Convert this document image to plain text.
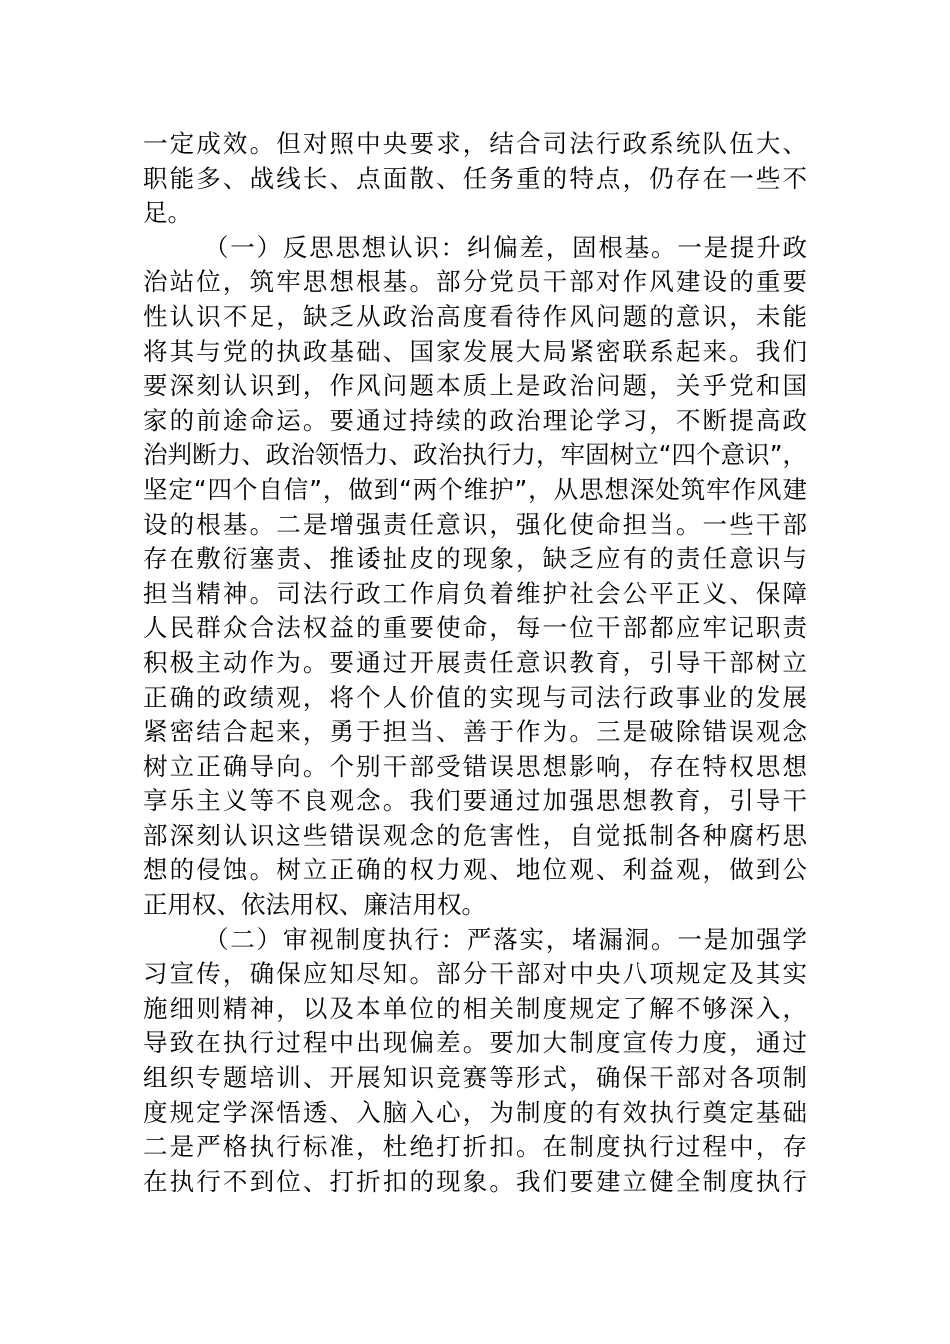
一定成效。但对照中央要求，结合司法行政系统队伍大、
职能多、战线长、点面散、任务重的特点，仍存在一些不
足。
（一）反思思想认识：纠偏差，固根基。一是提升政
治站位，筑牢思想根基。部分党员干部对作风建设的重要
性认识不足，缺乏从政治高度看待作风问题的意识，未能
将其与党的执政基础、国家发展大局紧密联系起来。我们
要深刻认识到，作风问题本质上是政治问题，关乎党和国
家的前途命运。要通过持续的政治理论学习，不断提高政
治判断力、政治领悟力、政治执行力，牢固树立“四个意识”，
坚定“四个自信”，做到“两个维护”，从思想深处筑牢作风建
设的根基。二是增强责任意识，强化使命担当。一些干部
存在敷衍塞责、推诿扯皮的现象，缺乏应有的责任意识与
担当精神。司法行政工作肩负着维护社会公平正义、保障
人民群众合法权益的重要使命，每一位干部都应牢记职责
积极主动作为。要通过开展责任意识教育，引导干部树立
正确的政绩观，将个人价值的实现与司法行政事业的发展
紧密结合起来，勇于担当、善于作为。三是破除错误观念
树立正确导向。个别干部受错误思想影响，存在特权思想
享乐主义等不良观念。我们要通过加强思想教育，引导干
部深刻认识这些错误观念的危害性，自觉抵制各种腐朽思
想的侵蚀。树立正确的权力观、地位观、利益观，做到公
正用权、依法用权、廉洁用权。
（二）审视制度执行：严落实，堵漏洞。一是加强学
习宣传，确保应知尽知。部分干部对中央八项规定及其实
施细则精神，以及本单位的相关制度规定了解不够深入，
导致在执行过程中出现偏差。要加大制度宣传力度，通过
组织专题培训、开展知识竞赛等形式，确保干部对各项制
度规定学深悟透、入脑入心，为制度的有效执行奠定基础
二是严格执行标准，杜绝打折扣。在制度执行过程中，存
在执行不到位、打折扣的现象。我们要建立健全制度执行
